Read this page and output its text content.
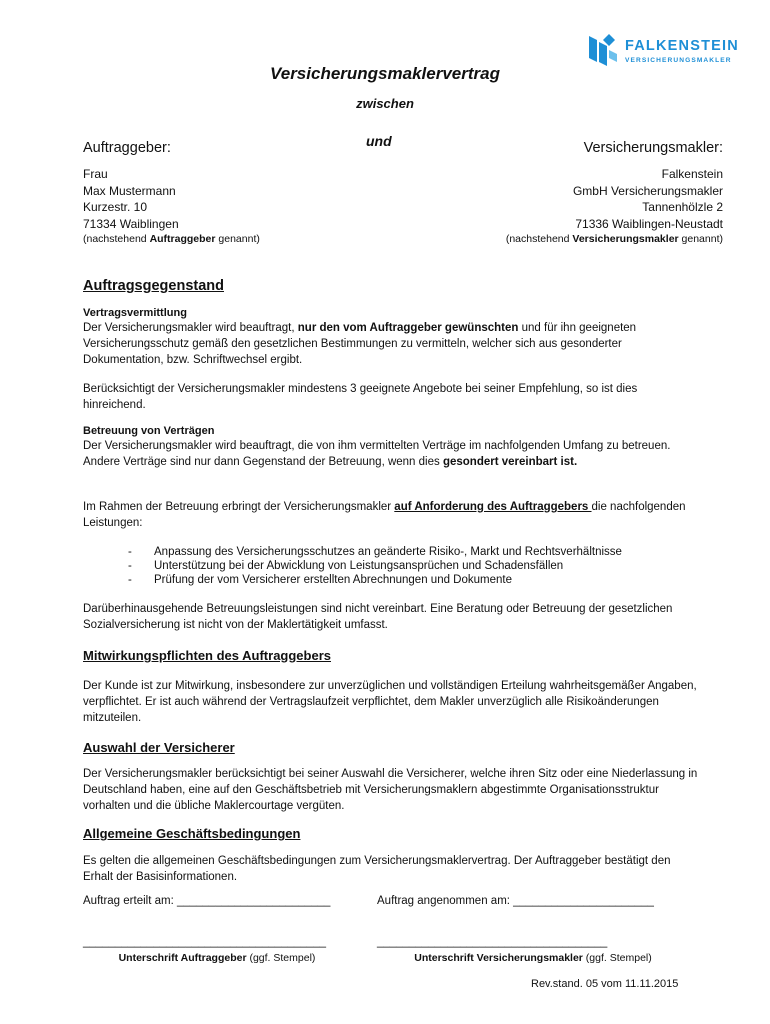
FALKENSTEIN
VERSICHERUNGSMAKLER
Versicherungsmaklervertrag
zwischen
und
Auftraggeber:	Versicherungsmakler:
Frau
Max Mustermann
Kurzestr. 10
71334 Waiblingen
Falkenstein
GmbH Versicherungsmakler
Tannenhölzle 2
71336 Waiblingen-Neustadt
(nachstehend Auftraggeber genannt)	(nachstehend Versicherungsmakler genannt)
Auftragsgegenstand
Vertragsvermittlung
Der Versicherungsmakler wird beauftragt, nur den vom Auftraggeber gewünschten und für ihn geeigneten Versicherungsschutz gemäß den gesetzlichen Bestimmungen zu vermitteln, welcher sich aus gesonderter Dokumentation, bzw. Schriftwechsel ergibt.
Berücksichtigt der Versicherungsmakler mindestens 3 geeignete Angebote bei seiner Empfehlung, so ist dies hinreichend.
Betreuung von Verträgen
Der Versicherungsmakler wird beauftragt, die von ihm vermittelten Verträge im nachfolgenden Umfang zu betreuen. Andere Verträge sind nur dann Gegenstand der Betreuung, wenn dies gesondert vereinbart ist.
Im Rahmen der Betreuung erbringt der Versicherungsmakler auf Anforderung des Auftraggebers die nachfolgenden Leistungen:
- Anpassung des Versicherungsschutzes an geänderte Risiko-, Markt und Rechtsverhältnisse
- Unterstützung bei der Abwicklung von Leistungsansprüchen und Schadensfällen
- Prüfung der vom Versicherer erstellten Abrechnungen und Dokumente
Darüberhinausgehende Betreuungsleistungen sind nicht vereinbart. Eine Beratung oder Betreuung der gesetzlichen Sozialversicherung ist nicht von der Maklertätigkeit umfasst.
Mitwirkungspflichten des Auftraggebers
Der Kunde ist zur Mitwirkung, insbesondere zur unverzüglichen und vollständigen Erteilung wahrheitsgemäßer Angaben, verpflichtet. Er ist auch während der Vertragslaufzeit verpflichtet, dem Makler unverzüglich alle Risikoänderungen mitzuteilen.
Auswahl der Versicherer
Der Versicherungsmakler berücksichtigt bei seiner Auswahl die Versicherer, welche ihren Sitz oder eine Niederlassung in Deutschland haben, eine auf den Geschäftsbetrieb mit Versicherungsmaklern abgestimmte Organisationsstruktur vorhalten und die übliche Maklercourtage vergüten.
Allgemeine Geschäftsbedingungen
Es gelten die allgemeinen Geschäftsbedingungen zum Versicherungsmaklervertrag. Der Auftraggeber bestätigt den Erhalt der Basisinformationen.
Auftrag erteilt am: ________________________	Auftrag angenommen am: ______________________
______________________________________	____________________________________
Unterschrift Auftraggeber (ggf. Stempel)	Unterschrift Versicherungsmakler (ggf. Stempel)
Rev.stand. 05 vom 11.11.2015
